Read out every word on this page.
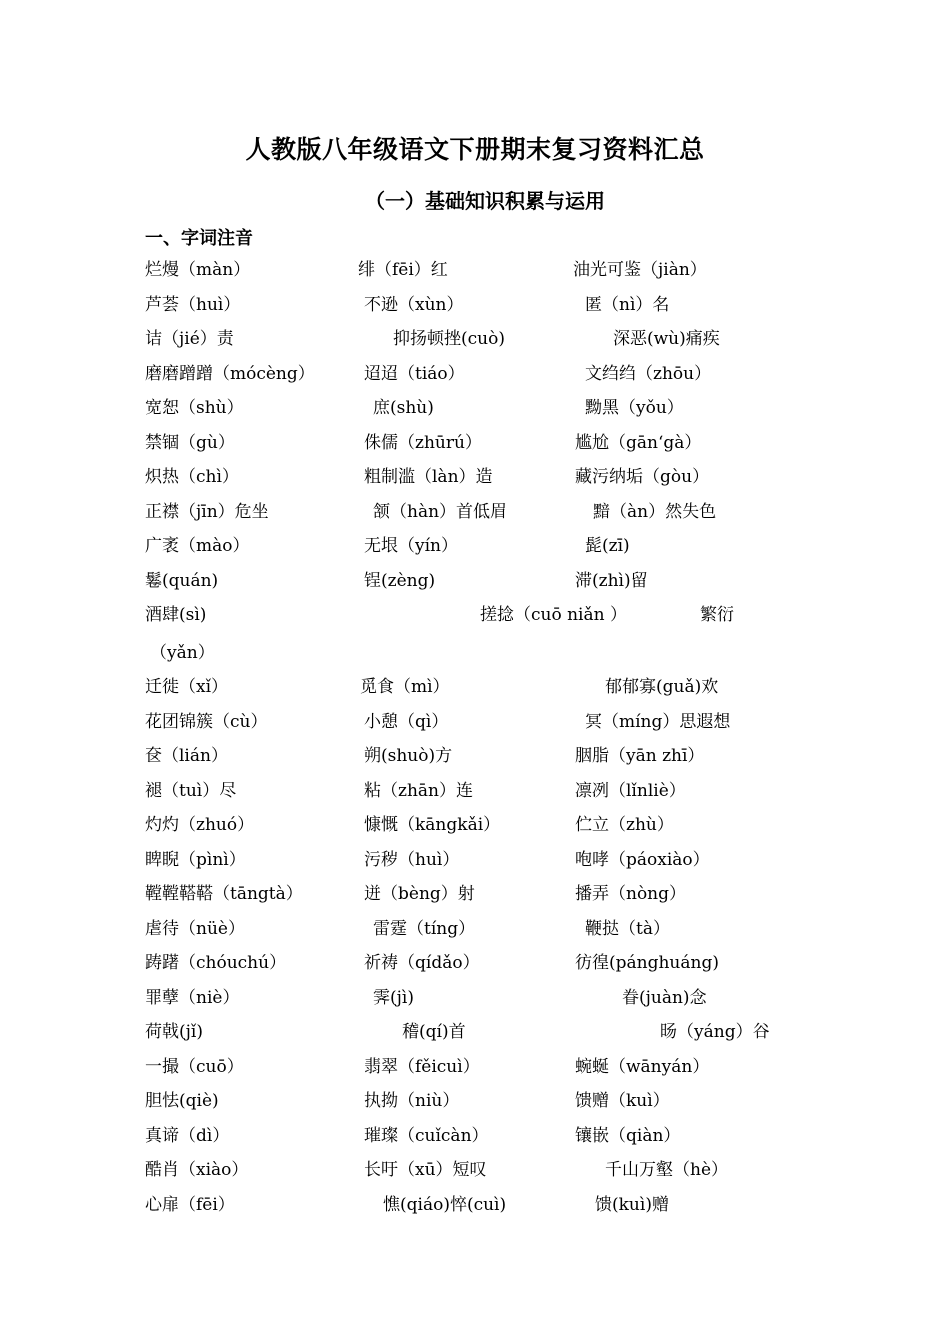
人教版八年级语文下册期末复习资料汇总
（一）基础知识积累与运用
一、字词注音
烂熳（màn）	绯（fēi）红	油光可鉴（jiàn）
芦荟（huì）	不逊（xùn）	匿（nì）名
诘（jié）责	抑扬顿挫(cuò)	深恶(wù)痛疾
磨磨蹭蹭（mócèng）	迢迢（tiáo）	文绉绉（zhōu）
宽恕（shù）	庶(shù)	黝黑（yǒu）
禁锢（gù）	侏儒（zhūrú）	尴尬（gān‘gà）
炽热（chì）	粗制滥（làn）造	藏污纳垢（gòu）
正襟（jīn）危坐	颔（hàn）首低眉	黯（àn）然失色
广袤（mào）	无垠（yín）	髭(zī)
鬈(quán)	锃(zèng)	滞(zhì)留
酒肆(sì)	搓捻（cuō niǎn ）	繁衍
（yǎn）
迁徙（xǐ）	觅食（mì）	郁郁寡(guǎ)欢
花团锦簇（cù）	小憩（qì）	冥（míng）思遐想
奁（lián）	朔(shuò)方	胭脂（yān zhī）
褪（tuì）尽	粘（zhān）连	凛冽（lǐnliè）
灼灼（zhuó）	慷慨（kāngkǎi）	伫立（zhù）
睥睨（pìnì）	污秽（huì）	咆哮（páoxiào）
鞺鞺鞳鞳（tāngtà）	迸（bèng）射	播弄（nòng）
虐待（nüè）	雷霆（tíng）	鞭挞（tà）
踌躇（chóuchú）	祈祷（qídǎo）	彷徨(pánghuáng)
罪孽（niè）	霁(jì)	眷(juàn)念
荷戟(jǐ)	稽(qí)首	旸（yáng）谷
一撮（cuō）	翡翠（fěicuì）	蜿蜒（wānyán）
胆怯(qiè)	执拗（niù）	馈赠（kuì）
真谛（dì）	璀璨（cuǐcàn）	镶嵌（qiàn）
酷肖（xiào）	长吁（xū）短叹	千山万壑（hè）
心扉（fēi）	憔(qiáo)悴(cuì)	馈(kuì)赠
